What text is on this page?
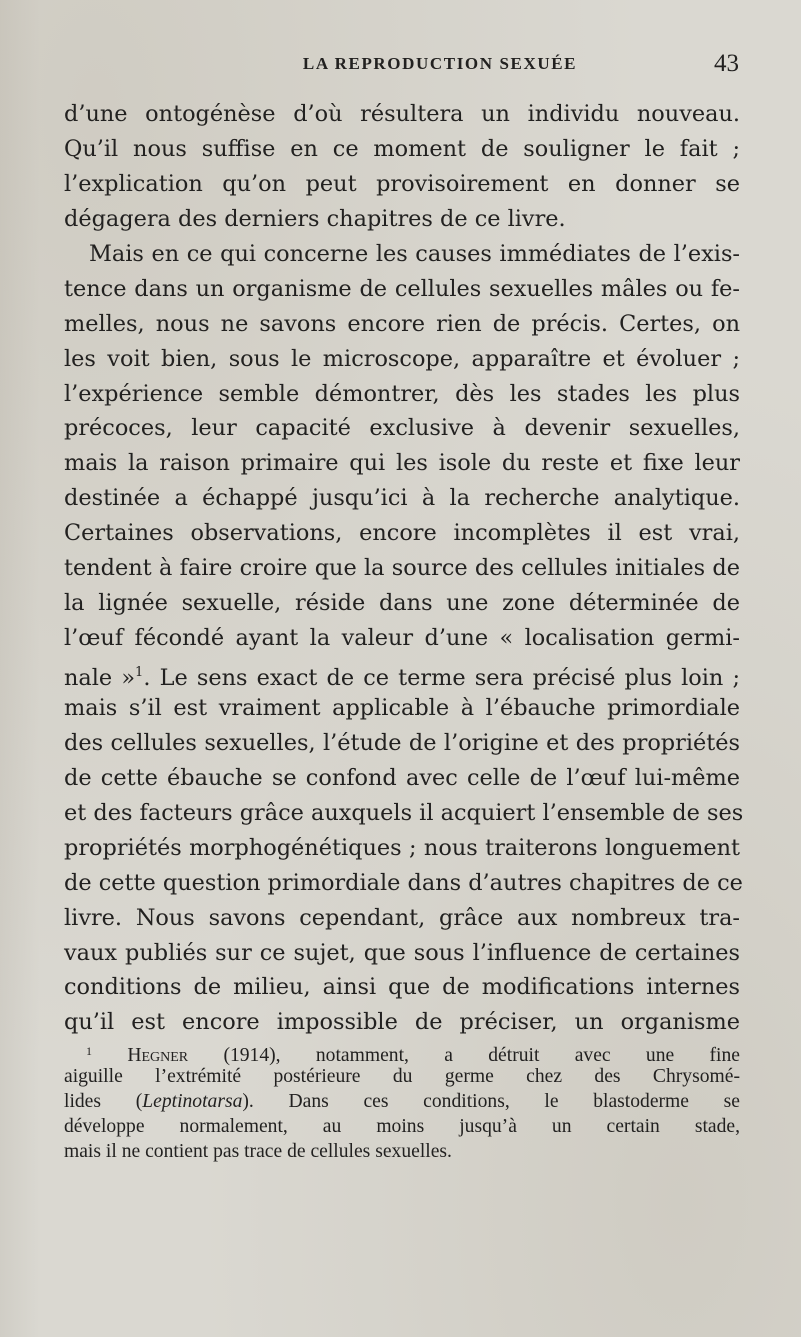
LA REPRODUCTION SEXUÉE	43
d’une ontogénèse d’où résultera un individu nouveau.
Qu’il nous suffise en ce moment de souligner le fait ;
l’explication qu’on peut provisoirement en donner se
dégagera des derniers chapitres de ce livre.
Mais en ce qui concerne les causes immédiates de l’exis-
tence dans un organisme de cellules sexuelles mâles ou fe-
melles, nous ne savons encore rien de précis. Certes, on
les voit bien, sous le microscope, apparaître et évoluer ;
l’expérience semble démontrer, dès les stades les plus
précoces, leur capacité exclusive à devenir sexuelles,
mais la raison primaire qui les isole du reste et fixe leur
destinée a échappé jusqu’ici à la recherche analytique.
Certaines observations, encore incomplètes il est vrai,
tendent à faire croire que la source des cellules initiales de
la lignée sexuelle, réside dans une zone déterminée de
l’œuf fécondé ayant la valeur d’une « localisation germi-
nale »$^1$. Le sens exact de ce terme sera précisé plus loin ;
mais s’il est vraiment applicable à l’ébauche primordiale
des cellules sexuelles, l’étude de l’origine et des propriétés
de cette ébauche se confond avec celle de l’œuf lui-même
et des facteurs grâce auxquels il acquiert l’ensemble de ses
propriétés morphogénétiques ; nous traiterons longuement
de cette question primordiale dans d’autres chapitres de ce
livre. Nous savons cependant, grâce aux nombreux tra-
vaux publiés sur ce sujet, que sous l’influence de certaines
conditions de milieu, ainsi que de modifications internes
qu’il est encore impossible de préciser, un organisme
$^1$ Hegner (1914), notamment, a détruit avec une fine
aiguille l’extrémité postérieure du germe chez des Chrysomé-
lides (Leptinotarsa). Dans ces conditions, le blastoderme se
développe normalement, au moins jusqu’à un certain stade,
mais il ne contient pas trace de cellules sexuelles.
